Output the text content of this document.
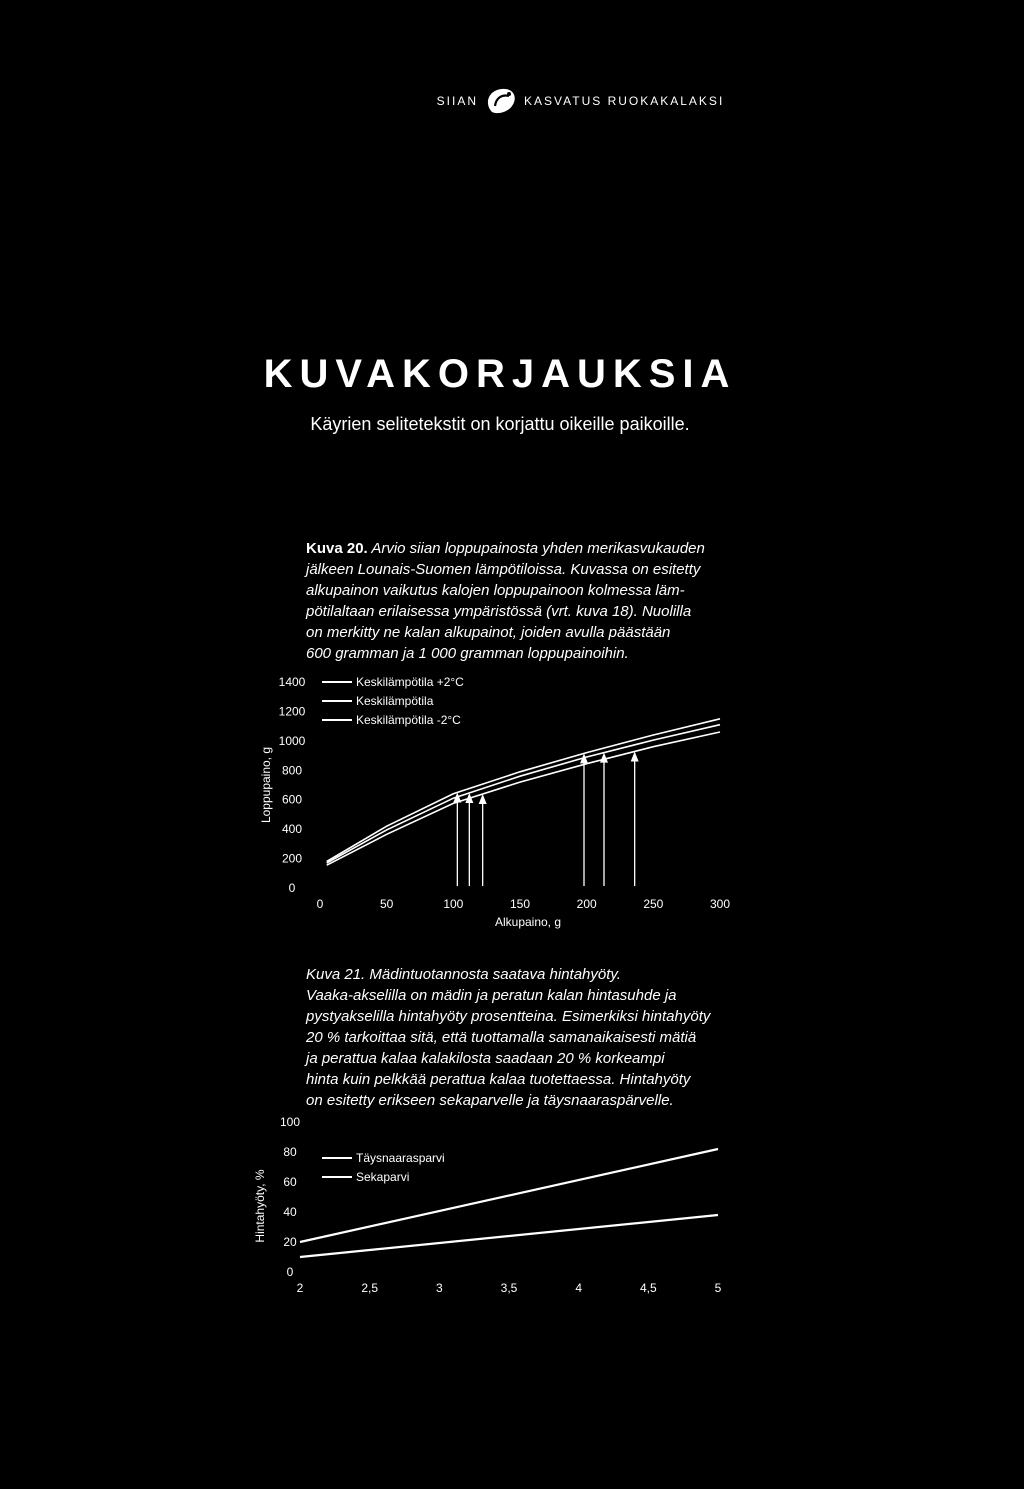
SIIAN	KASVATUS RUOKAKALAKSI
KUVAKORJAUKSIA
Käyrien selitetekstit on korjattu oikeille paikoille.
Kuva 20. Arvio siian loppupainosta yhden merikasvukauden
jälkeen Lounais-Suomen lämpötiloissa. Kuvassa on esitetty
alkupainon vaikutus kalojen loppupainoon kolmessa läm-
pötilaltaan erilaisessa ympäristössä (vrt. kuva 18). Nuolilla
on merkitty ne kalan alkupainot, joiden avulla päästään
600 gramman ja 1 000 gramman loppupainoihin.
Kuva 21. Mädintuotannosta saatava hintahyöty.
Vaaka-akselilla on mädin ja peratun kalan hintasuhde ja
pystyakselilla hintahyöty prosentteina. Esimerkiksi hintahyöty
20 % tarkoittaa sitä, että tuottamalla samanaikaisesti mätiä
ja perattua kalaa kalakilosta saadaan 20 % korkeampi
hinta kuin pelkkää perattua kalaa tuotettaessa. Hintahyöty
on esitetty erikseen sekaparvelle ja täysnaaraspärvelle.
1400
1200
1000
800
600
400
200
0
0	50	100	150	200	250	300
Loppupaino, g
Alkupaino, g
Keskilämpötila +2°C
Keskilämpötila
Keskilämpötila -2°C
100
80
60
40
20
0
2	2,5	3	3,5	4	4,5	5
Hintahyöty, %
Täysnaarasparvi
Sekaparvi
